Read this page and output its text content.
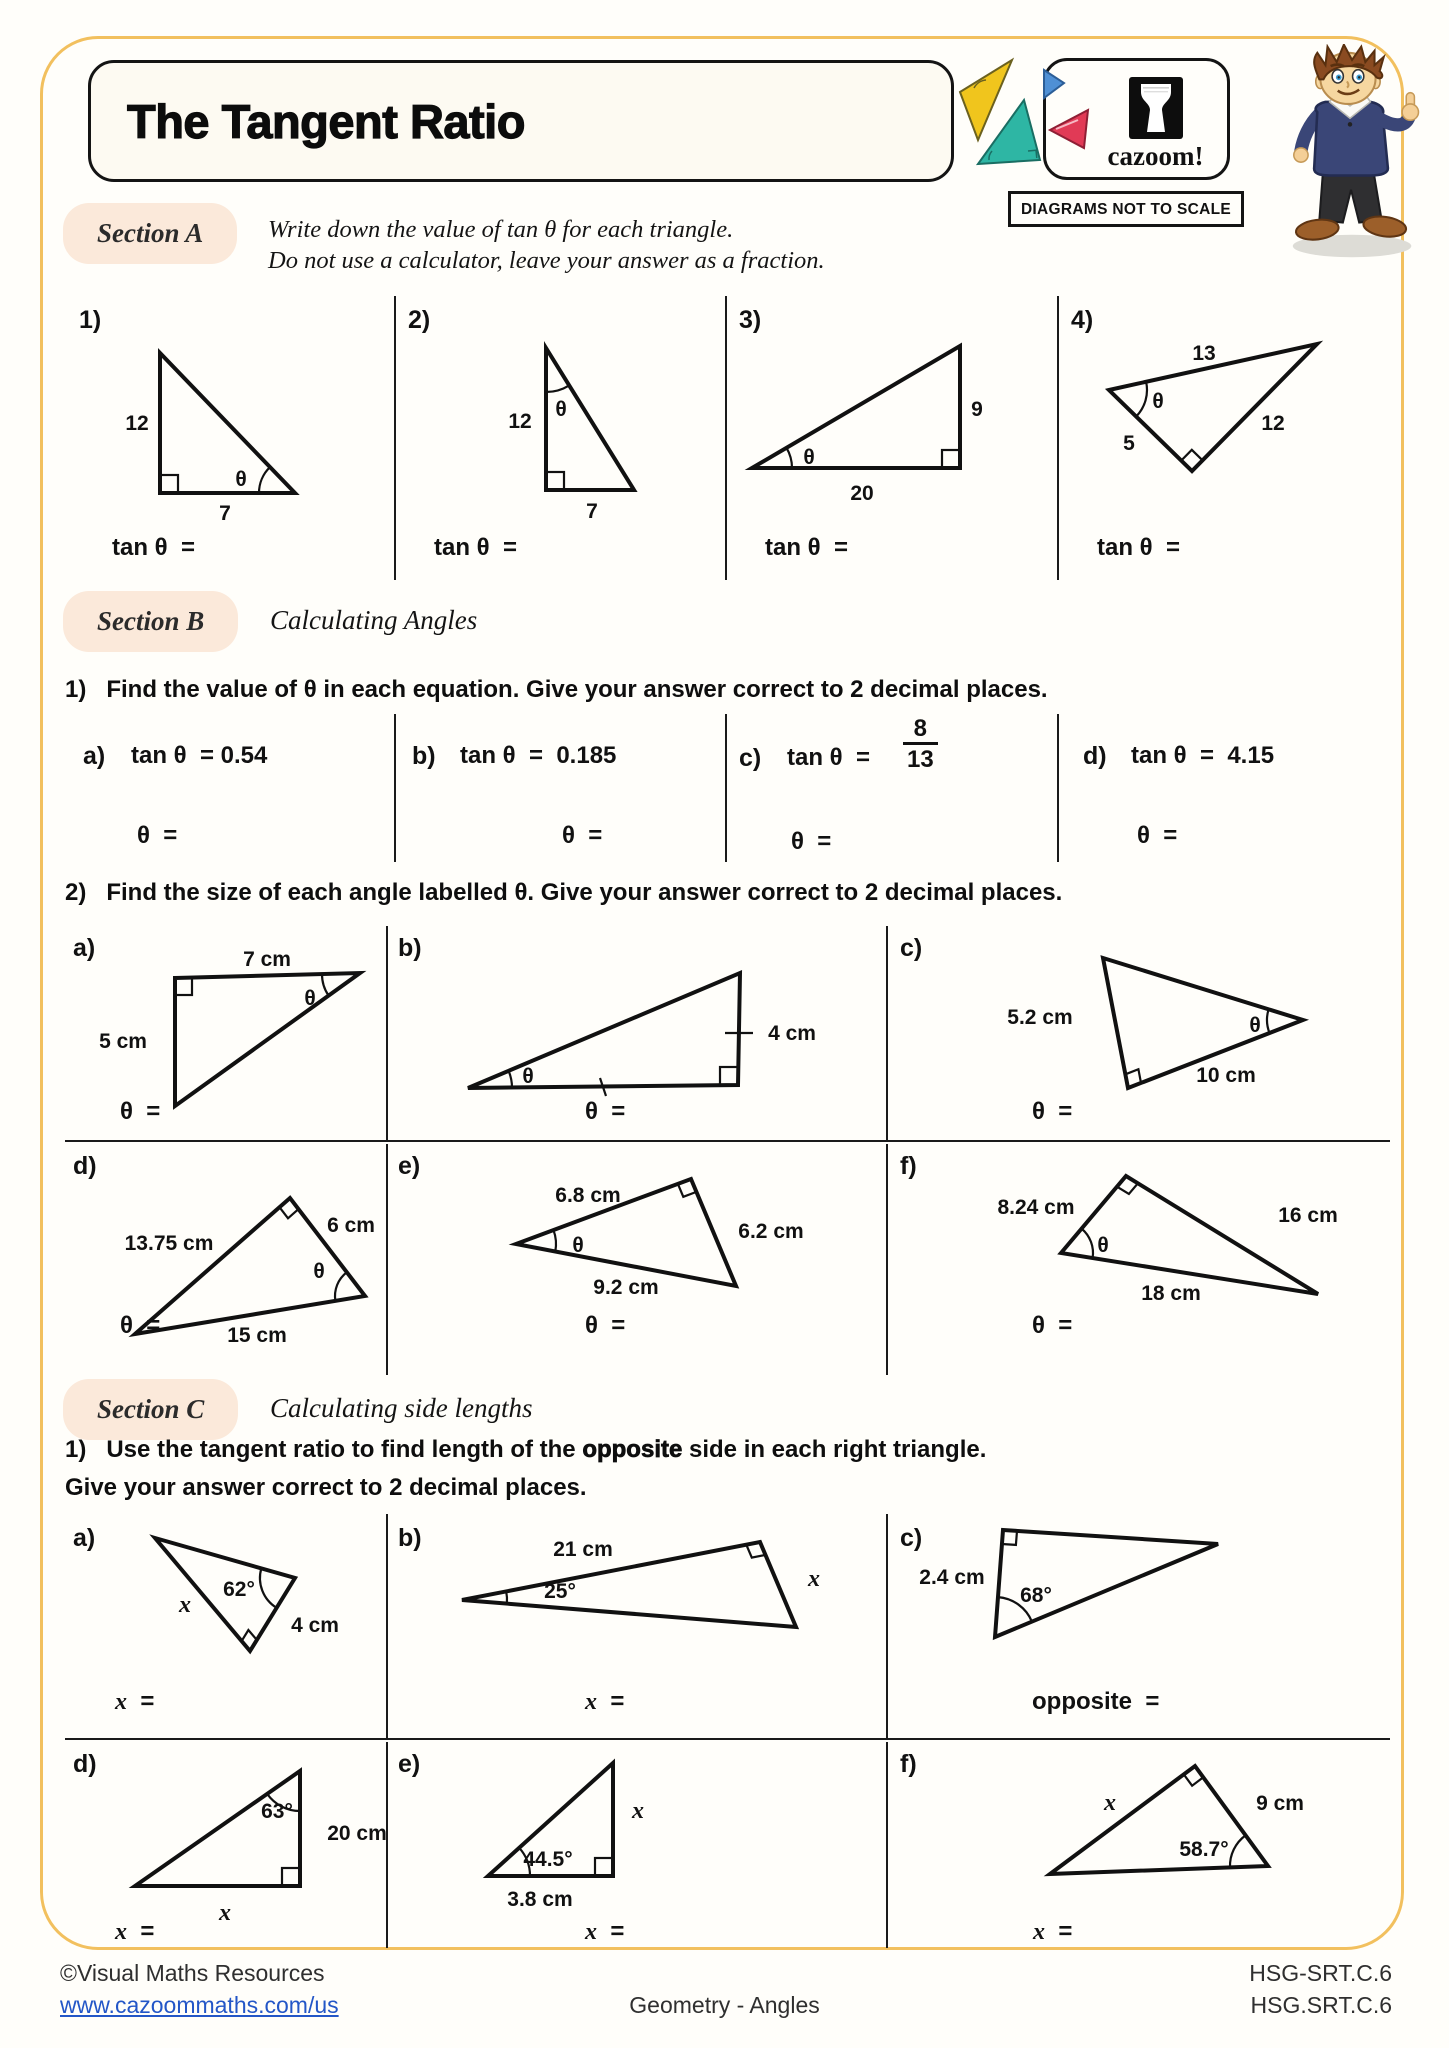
The Tangent Ratio
cazoom!
DIAGRAMS NOT TO SCALE
Section A	Write down the value of tan θ for each triangle.
Do not use a calculator, leave your answer as a fraction.
1)
θ
12
7
tan θ  =
2)
θ
12
7
tan θ  =
3)
θ
9
20
tan θ  =
4)
θ
13
5
12
tan θ  =
Section B	Calculating Angles
1)   Find the value of θ in each equation. Give your answer correct to 2 decimal places.
a) tan θ  = 0.54
θ  =
b) tan θ  =  0.185
θ  =
c) $\tan \theta = \frac{8}{13}$
θ  =
d) tan θ  =  4.15
θ  =
2)   Find the size of each angle labelled θ. Give your answer correct to 2 decimal places.
a)
θ
7 cm
5 cm
θ  =
b)
θ
4 cm
θ  =
c)
θ
5.2 cm
10 cm
θ  =
d)
θ
13.75 cm
6 cm
15 cm
θ  =
e)
θ
6.8 cm
6.2 cm
9.2 cm
θ  =
f)
θ
8.24 cm	16 cm
18 cm
θ  =
Section C	Calculating side lengths
1)   Use the tangent ratio to find length of the opposite side in each right triangle.
Give your answer correct to 2 decimal places.
a)
62°
x
4 cm
x  =
b)
25°
21 cm
x
x  =
c)
68°
2.4 cm
opposite  =
d)
63°
20 cm
x
x  =
e)
44.5°
3.8 cm
x
x  =
f)
58.7°
x	9 cm
x  =
©Visual Maths Resources
www.cazoommaths.com/us	Geometry - Angles
HSG-SRT.C.6
HSG.SRT.C.6
